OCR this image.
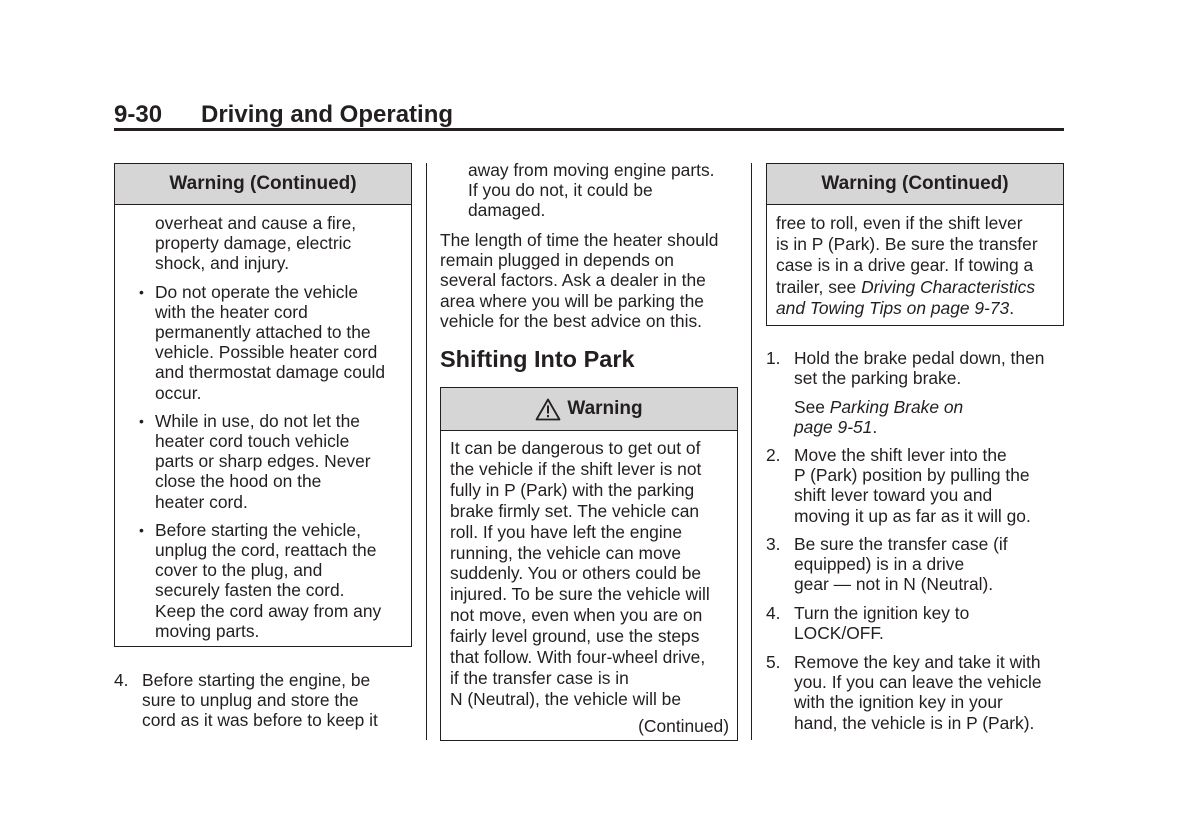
9-30 Driving and Operating
Warning (Continued)

overheat and cause a fire,
property damage, electric
shock, and injury.

• Do not operate the vehicle
with the heater cord
permanently attached to the
vehicle. Possible heater cord
and thermostat damage could
occur.
• While in use, do not let the
heater cord touch vehicle
parts or sharp edges. Never
close the hood on the
heater cord.
• Before starting the vehicle,
unplug the cord, reattach the
cover to the plug, and
securely fasten the cord.
Keep the cord away from any
moving parts.
4. Before starting the engine, be
sure to unplug and store the
cord as it was before to keep it

away from moving engine parts.
If you do not, it could be
damaged.

The length of time the heater should
remain plugged in depends on
several factors. Ask a dealer in the
area where you will be parking the
vehicle for the best advice on this.

Shifting Into Park
Warning
It can be dangerous to get out of
the vehicle if the shift lever is not
fully in P (Park) with the parking
brake firmly set. The vehicle can
roll. If you have left the engine
running, the vehicle can move
suddenly. You or others could be
injured. To be sure the vehicle will
not move, even when you are on
fairly level ground, use the steps
that follow. With four-wheel drive,
if the transfer case is in
N (Neutral), the vehicle will be
(Continued)
Warning (Continued)
free to roll, even if the shift lever
is in P (Park). Be sure the transfer
case is in a drive gear. If towing a
trailer, see Driving Characteristics
and Towing Tips on page 9-73.
1. Hold the brake pedal down, then
set the parking brake.
See Parking Brake on
page 9-51.
2. Move the shift lever into the
P (Park) position by pulling the
shift lever toward you and
moving it up as far as it will go.
3. Be sure the transfer case (if
equipped) is in a drive
gear — not in N (Neutral).
4. Turn the ignition key to
LOCK/OFF.
5. Remove the key and take it with
you. If you can leave the vehicle
with the ignition key in your
hand, the vehicle is in P (Park).
